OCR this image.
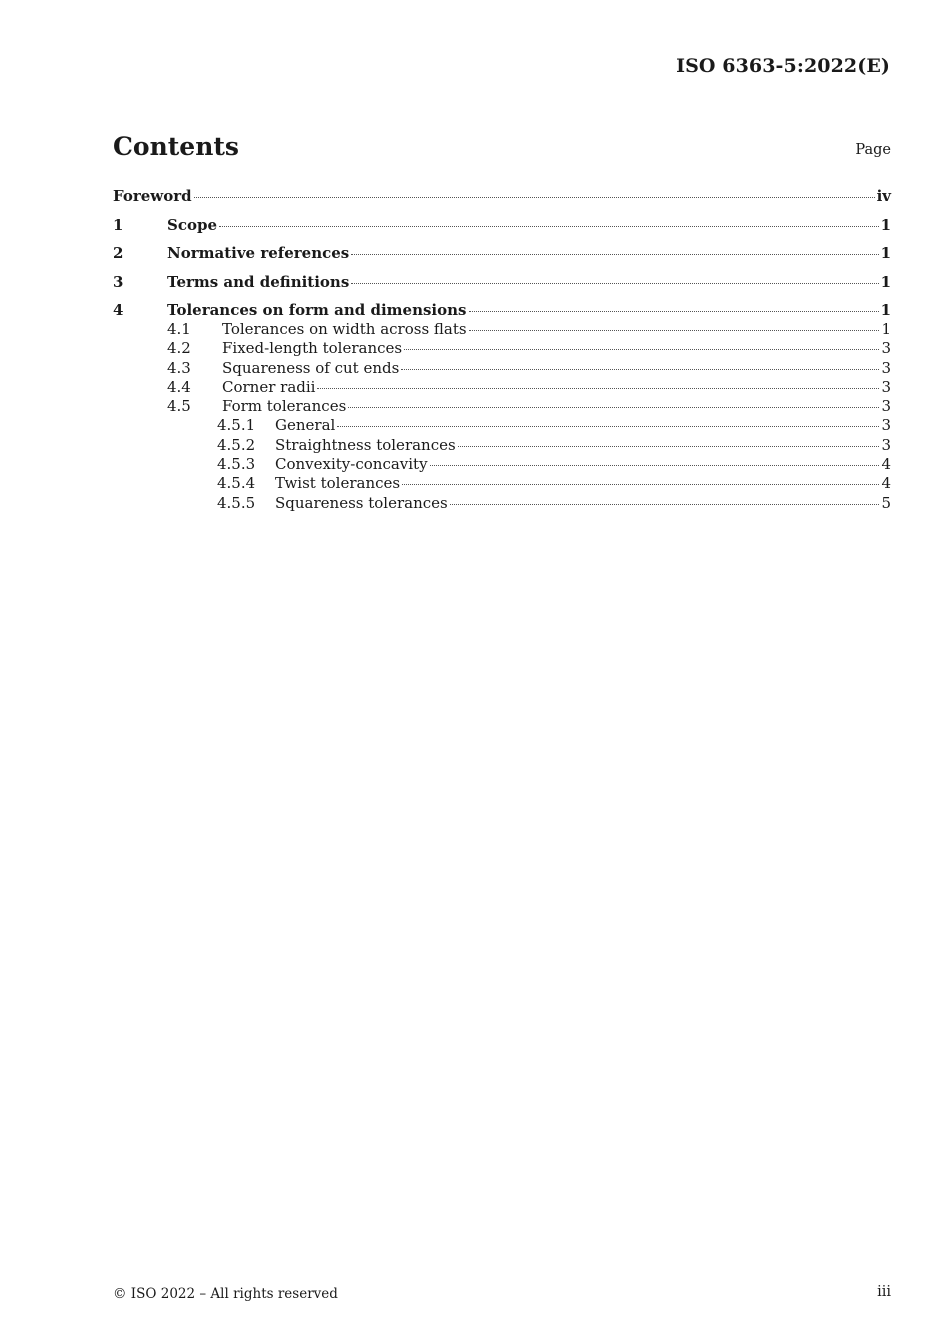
ISO 6363-5:2022(E)
Contents	Page
Foreword	iv
1	Scope	1
2	Normative references	1
3	Terms and definitions	1
4	Tolerances on form and dimensions	1
4.1	Tolerances on width across flats	1
4.2	Fixed-length tolerances	3
4.3	Squareness of cut ends	3
4.4	Corner radii	3
4.5	Form tolerances	3
4.5.1	General	3
4.5.2	Straightness tolerances	3
4.5.3	Convexity-concavity	4
4.5.4	Twist tolerances	4
4.5.5	Squareness tolerances	5
© ISO 2022 – All rights reserved	iii
